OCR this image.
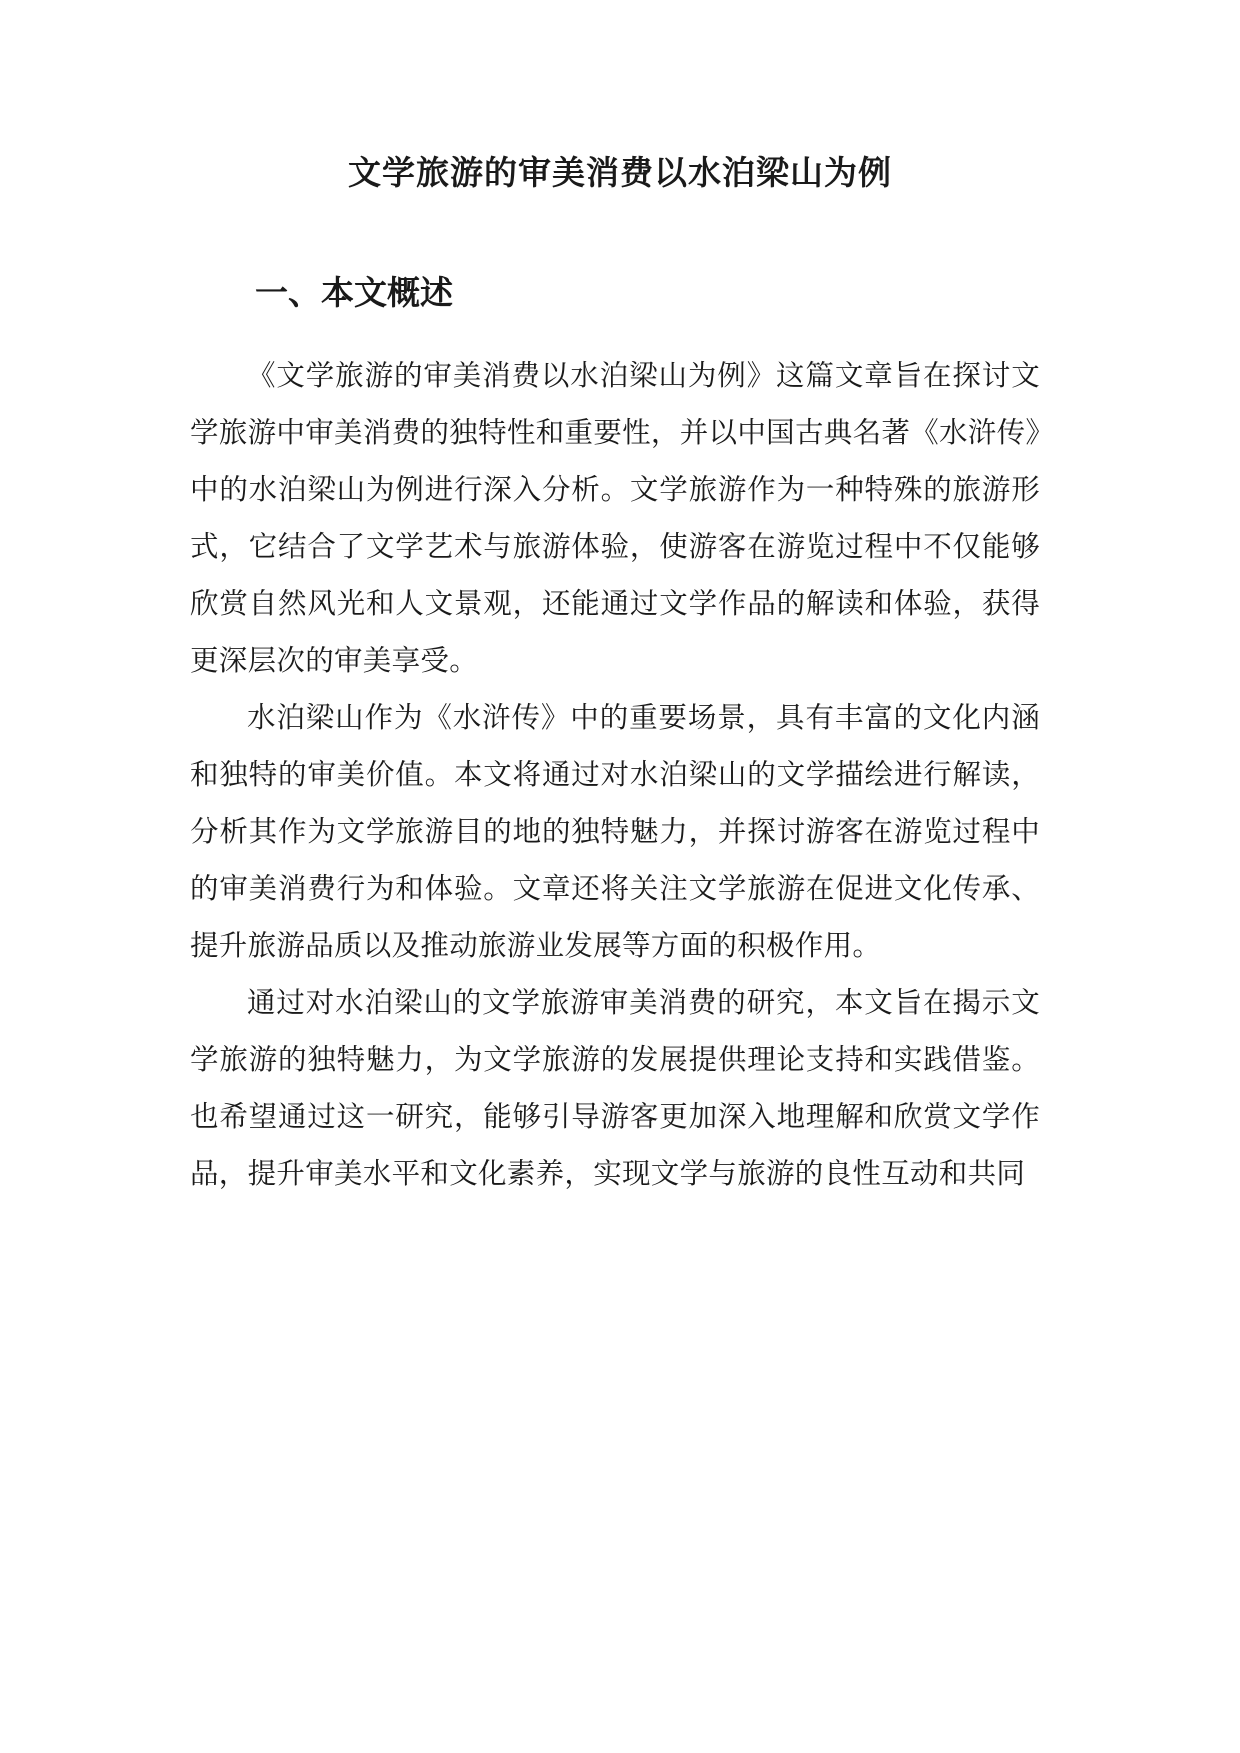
文学旅游的审美消费以水泊梁山为例
一、本文概述

《文学旅游的审美消费以水泊梁山为例》这篇文章旨在探讨文学旅游中审美消费的独特性和重要性，并以中国古典名著《水浒传》中的水泊梁山为例进行深入分析。文学旅游作为一种特殊的旅游形式，它结合了文学艺术与旅游体验，使游客在游览过程中不仅能够欣赏自然风光和人文景观，还能通过文学作品的解读和体验，获得更深层次的审美享受。

水泊梁山作为《水浒传》中的重要场景，具有丰富的文化内涵和独特的审美价值。本文将通过对水泊梁山的文学描绘进行解读，分析其作为文学旅游目的地的独特魅力，并探讨游客在游览过程中的审美消费行为和体验。文章还将关注文学旅游在促进文化传承、提升旅游品质以及推动旅游业发展等方面的积极作用。

通过对水泊梁山的文学旅游审美消费的研究，本文旨在揭示文学旅游的独特魅力，为文学旅游的发展提供理论支持和实践借鉴。也希望通过这一研究，能够引导游客更加深入地理解和欣赏文学作品，提升审美水平和文化素养，实现文学与旅游的良性互动和共同
